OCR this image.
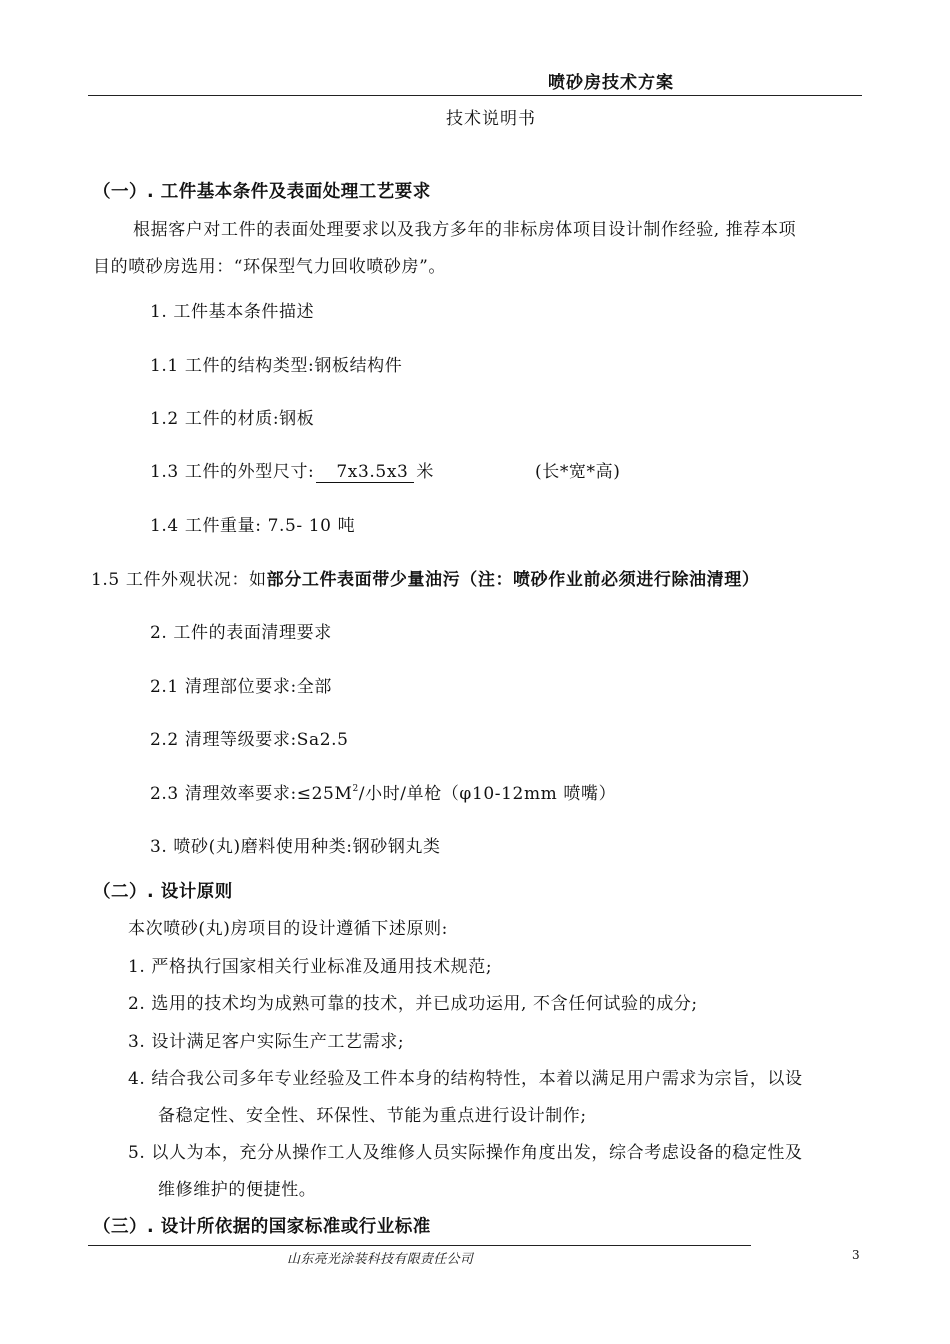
喷砂房技术方案
技术说明书
（一）. 工件基本条件及表面处理工艺要求
根据客户对工件的表面处理要求以及我方多年的非标房体项目设计制作经验, 推荐本项
目的喷砂房选用：“环保型气力回收喷砂房”。
1. 工件基本条件描述
1.1 工件的结构类型:钢板结构件
1.2 工件的材质:钢板
1.3 工件的外型尺寸: 7x3.5x3 米	(长*宽*高)
1.4 工件重量: 7.5- 10 吨
1.5 工件外观状况：如部分工件表面带少量油污（注：喷砂作业前必须进行除油清理）
2. 工件的表面清理要求
2.1 清理部位要求:全部
2.2 清理等级要求:Sa2.5
2.3 清理效率要求$:\le 25M^2/$小时/单枪（φ10-12mm 喷嘴）
3. 喷砂(丸)磨料使用种类:钢砂钢丸类
（二）. 设计原则
本次喷砂(丸)房项目的设计遵循下述原则:
1. 严格执行国家相关行业标准及通用技术规范;
2. 选用的技术均为成熟可靠的技术，并已成功运用, 不含任何试验的成分;
3. 设计满足客户实际生产工艺需求;
4. 结合我公司多年专业经验及工件本身的结构特性，本着以满足用户需求为宗旨，以设
备稳定性、安全性、环保性、节能为重点进行设计制作;
5. 以人为本，充分从操作工人及维修人员实际操作角度出发，综合考虑设备的稳定性及
维修维护的便捷性。
（三）. 设计所依据的国家标准或行业标准
山东亮光涂装科技有限责任公司	3
